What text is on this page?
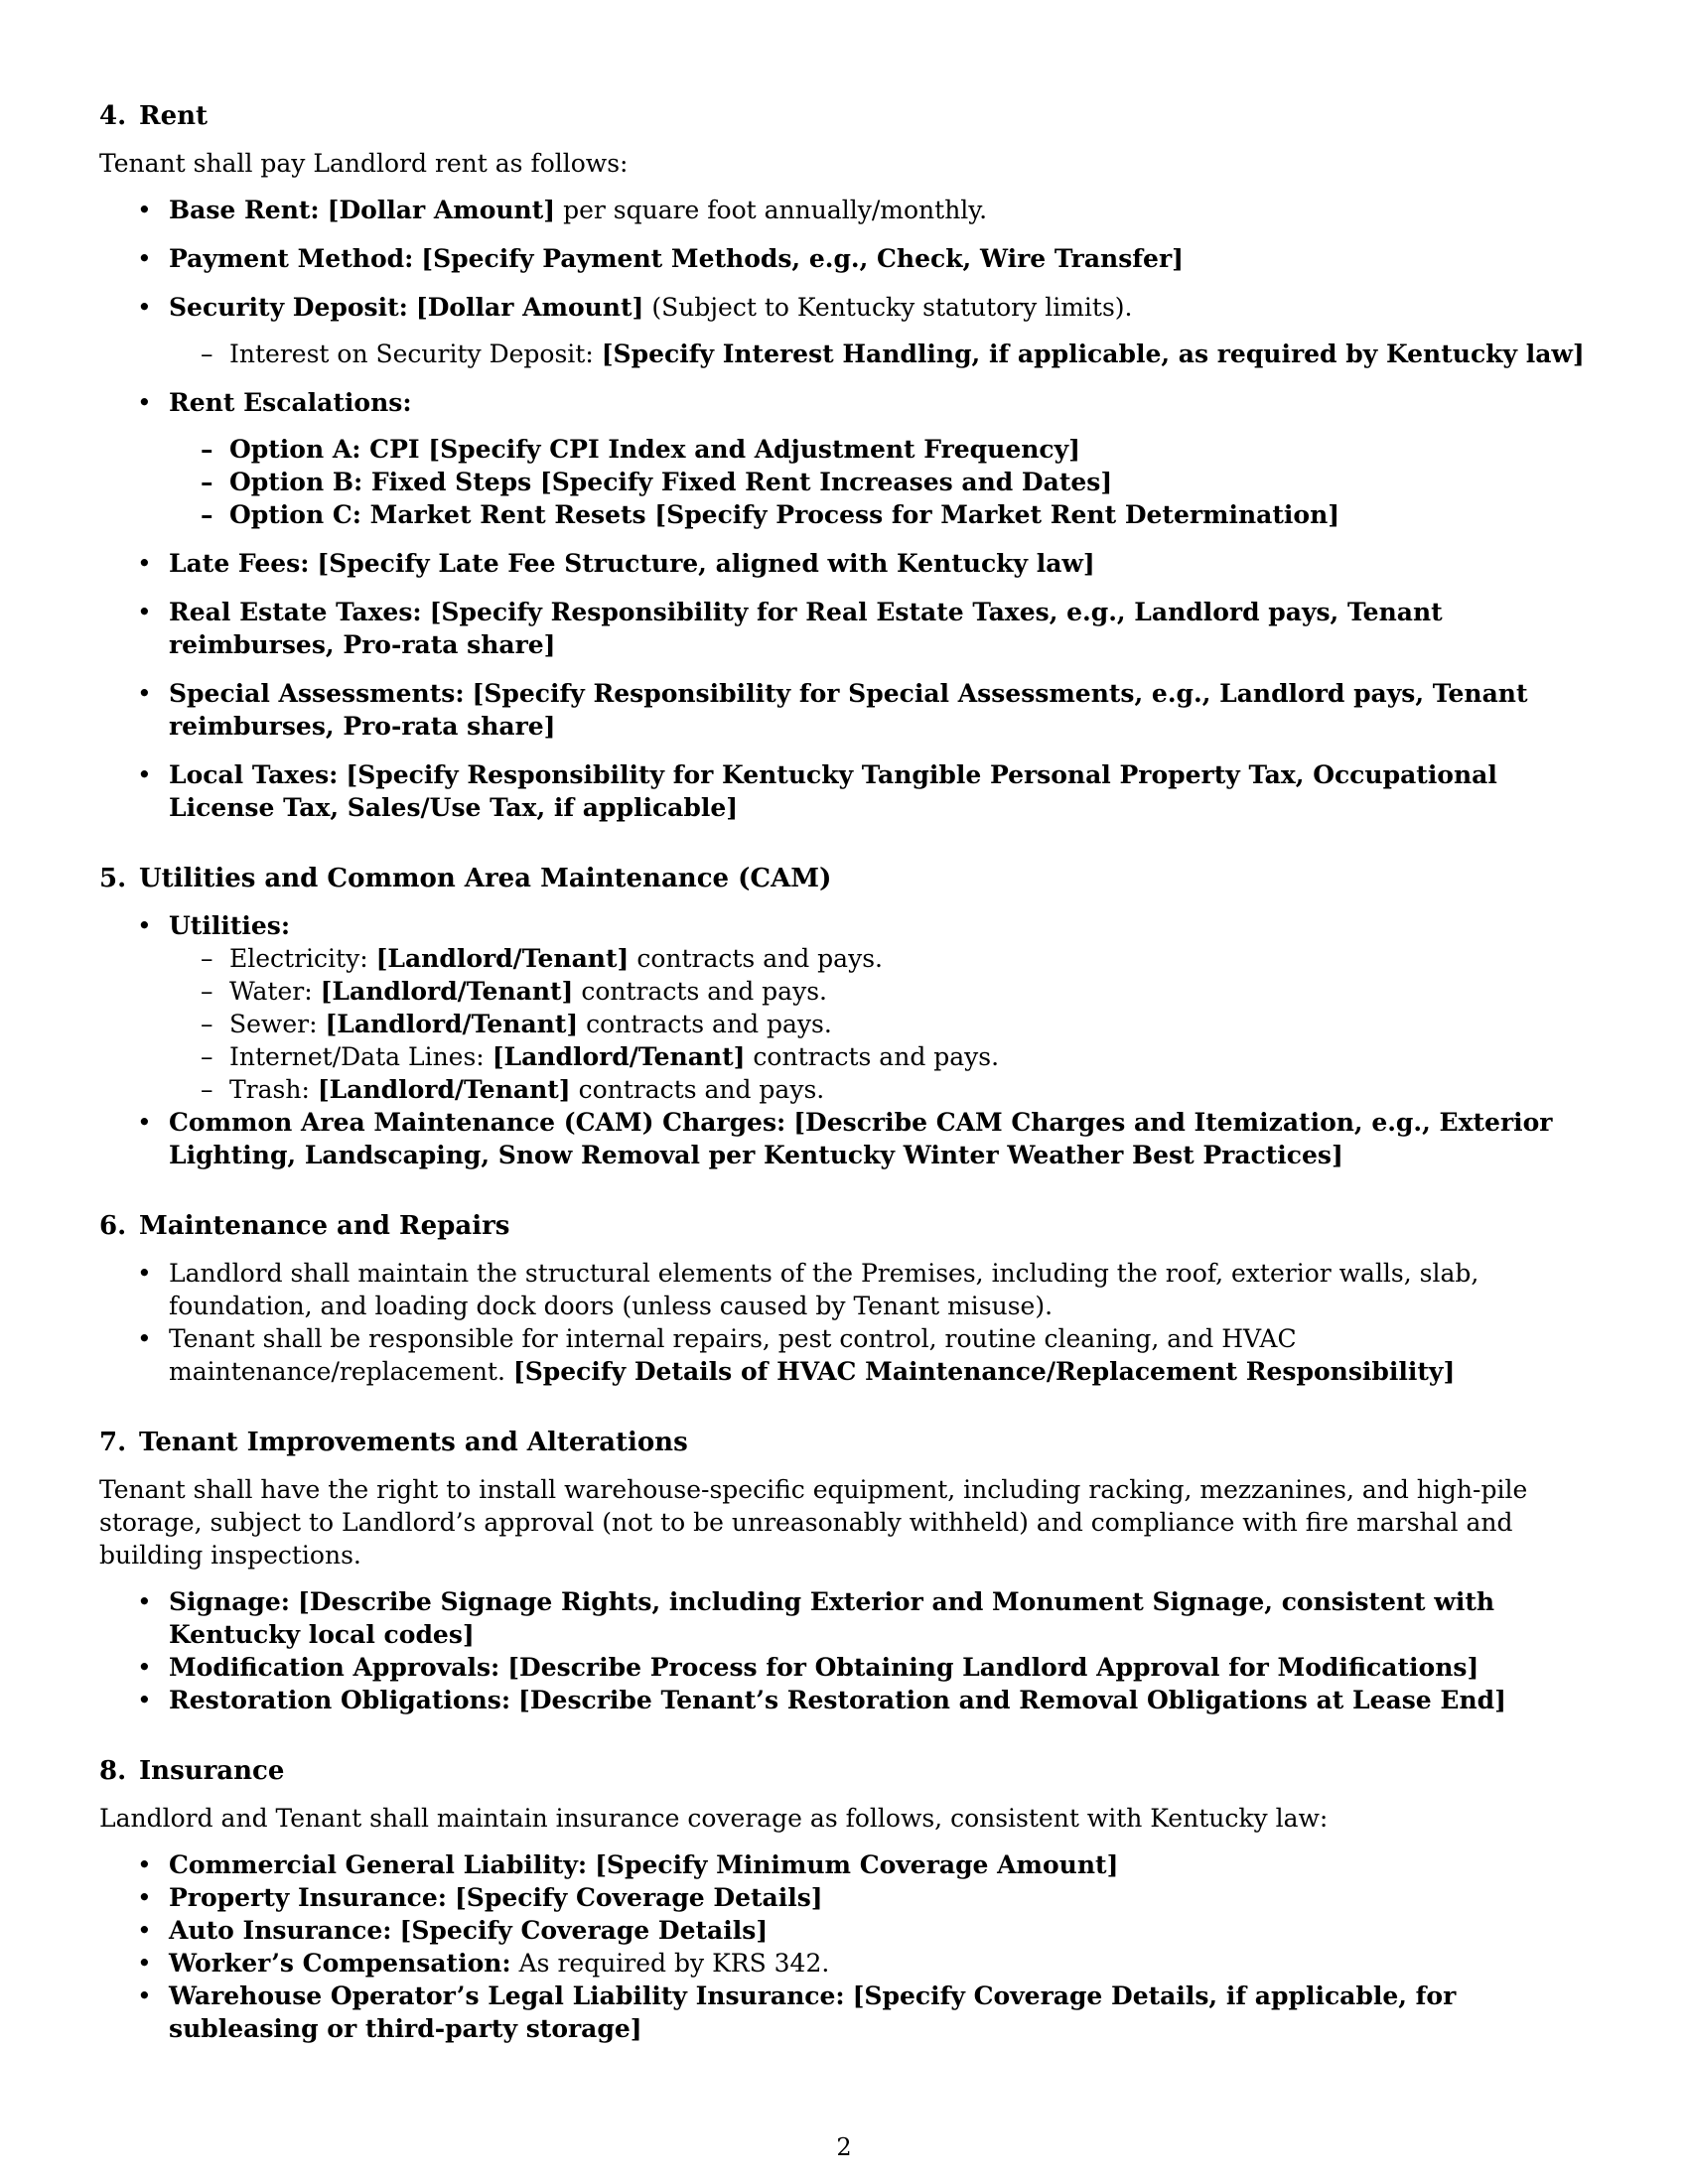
4. Rent

Tenant shall pay Landlord rent as follows:

• Base Rent: [Dollar Amount] per square foot annually/monthly.
• Payment Method: [Specify Payment Methods, e.g., Check, Wire Transfer]
• Security Deposit: [Dollar Amount] (Subject to Kentucky statutory limits).
– Interest on Security Deposit: [Specify Interest Handling, if applicable, as required by Kentucky law]
• Rent Escalations:
– Option A: CPI [Specify CPI Index and Adjustment Frequency]
– Option B: Fixed Steps [Specify Fixed Rent Increases and Dates]
– Option C: Market Rent Resets [Specify Process for Market Rent Determination]
• Late Fees: [Specify Late Fee Structure, aligned with Kentucky law]
• Real Estate Taxes: [Specify Responsibility for Real Estate Taxes, e.g., Landlord pays, Tenant reimburses, Pro-rata share]
• Special Assessments: [Specify Responsibility for Special Assessments, e.g., Landlord pays, Tenant reimburses, Pro-rata share]
• Local Taxes: [Specify Responsibility for Kentucky Tangible Personal Property Tax, Occupational License Tax, Sales/Use Tax, if applicable]
5. Utilities and Common Area Maintenance (CAM)
• Utilities:
– Electricity: [Landlord/Tenant] contracts and pays.
– Water: [Landlord/Tenant] contracts and pays.
– Sewer: [Landlord/Tenant] contracts and pays.
– Internet/Data Lines: [Landlord/Tenant] contracts and pays.
– Trash: [Landlord/Tenant] contracts and pays.
• Common Area Maintenance (CAM) Charges: [Describe CAM Charges and Itemization, e.g., Exterior Lighting, Landscaping, Snow Removal per Kentucky Winter Weather Best Practices]
6. Maintenance and Repairs
• Landlord shall maintain the structural elements of the Premises, including the roof, exterior walls, slab, foundation, and loading dock doors (unless caused by Tenant misuse).
• Tenant shall be responsible for internal repairs, pest control, routine cleaning, and HVAC maintenance/replacement. [Specify Details of HVAC Maintenance/Replacement Responsibility]
7. Tenant Improvements and Alterations

Tenant shall have the right to install warehouse-specific equipment, including racking, mezzanines, and high-pile storage, subject to Landlord’s approval (not to be unreasonably withheld) and compliance with fire marshal and building inspections.

• Signage: [Describe Signage Rights, including Exterior and Monument Signage, consistent with Kentucky local codes]
• Modification Approvals: [Describe Process for Obtaining Landlord Approval for Modifications]
• Restoration Obligations: [Describe Tenant’s Restoration and Removal Obligations at Lease End]
8. Insurance

Landlord and Tenant shall maintain insurance coverage as follows, consistent with Kentucky law:

• Commercial General Liability: [Specify Minimum Coverage Amount]
• Property Insurance: [Specify Coverage Details]
• Auto Insurance: [Specify Coverage Details]
• Worker’s Compensation: As required by KRS 342.
• Warehouse Operator’s Legal Liability Insurance: [Specify Coverage Details, if applicable, for subleasing or third-party storage]
2
